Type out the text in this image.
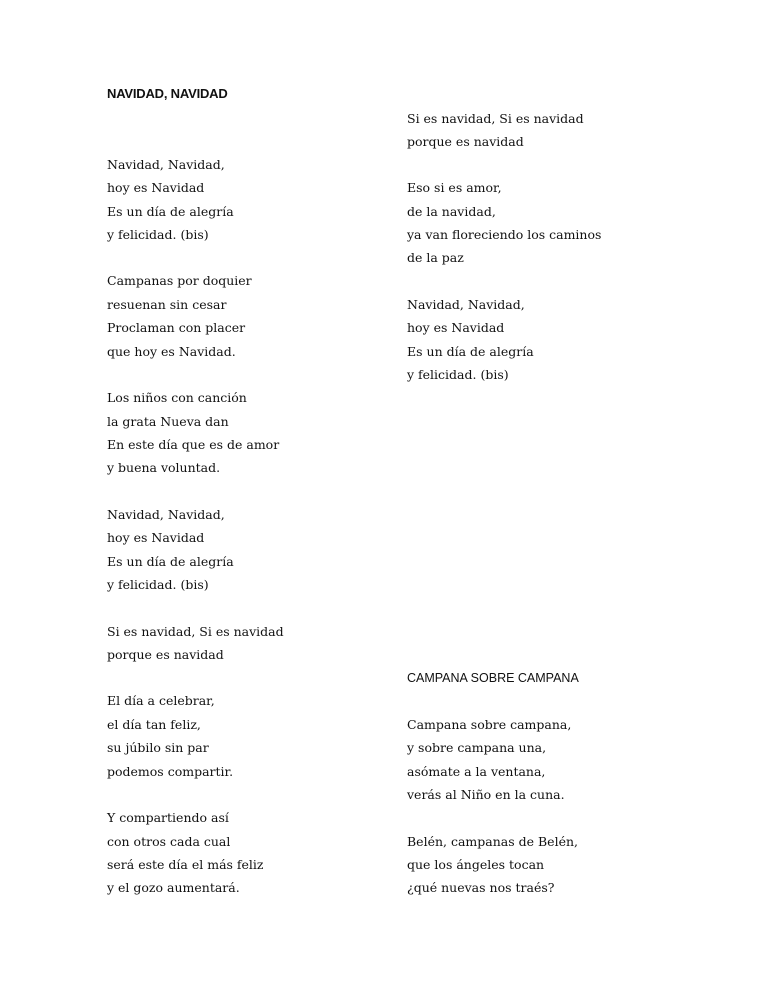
NAVIDAD, NAVIDAD

Navidad, Navidad,

hoy es Navidad

Es un día de alegría

y felicidad. (bis)

Campanas por doquier

resuenan sin cesar

Proclaman con placer

que hoy es Navidad.

Los niños con canción

la grata Nueva dan

En este día que es de amor

y buena voluntad.

Navidad, Navidad,

hoy es Navidad

Es un día de alegría

y felicidad. (bis)

Si es navidad, Si es navidad

porque es navidad

El día a celebrar,

el día tan feliz,

su júbilo sin par

podemos compartir.

Y compartiendo así

con otros cada cual

será este día el más feliz

y el gozo aumentará.

Si es navidad, Si es navidad

porque es navidad

Eso si es amor,

de la navidad,

ya van floreciendo los caminos

de la paz

Navidad, Navidad,

hoy es Navidad

Es un día de alegría

y felicidad. (bis)

CAMPANA SOBRE CAMPANA

Campana sobre campana,

y sobre campana una,

asómate a la ventana,

verás al Niño en la cuna.

Belén, campanas de Belén,

que los ángeles tocan

¿qué nuevas nos traés?
